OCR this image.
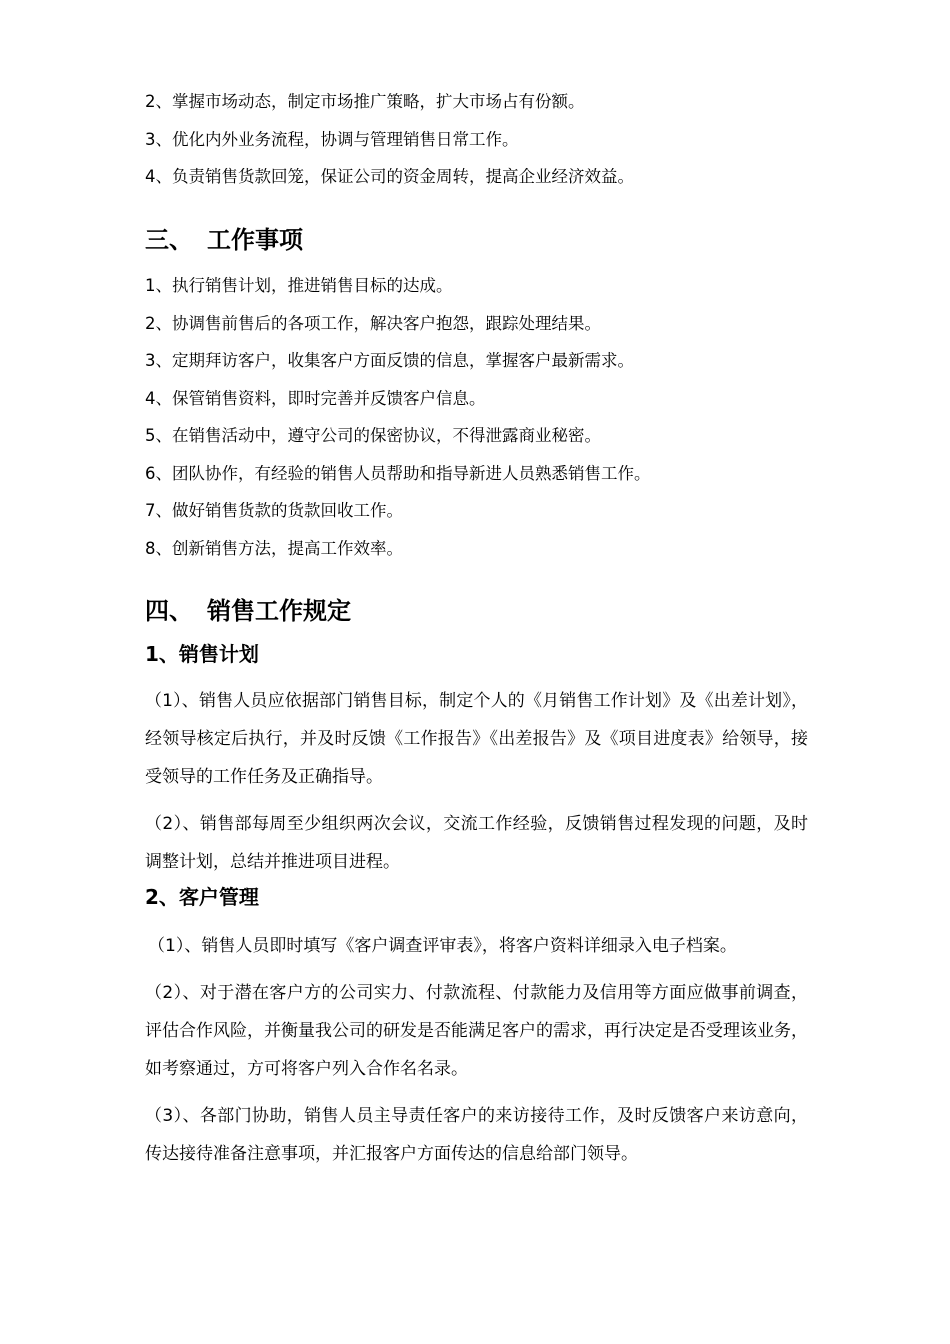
2、掌握市场动态，制定市场推广策略，扩大市场占有份额。
3、优化内外业务流程，协调与管理销售日常工作。
4、负责销售货款回笼，保证公司的资金周转，提高企业经济效益。
三、 工作事项
1、执行销售计划，推进销售目标的达成。
2、协调售前售后的各项工作，解决客户抱怨，跟踪处理结果。
3、定期拜访客户，收集客户方面反馈的信息，掌握客户最新需求。
4、保管销售资料，即时完善并反馈客户信息。
5、在销售活动中，遵守公司的保密协议，不得泄露商业秘密。
6、团队协作，有经验的销售人员帮助和指导新进人员熟悉销售工作。
7、做好销售货款的货款回收工作。
8、创新销售方法，提高工作效率。
四、 销售工作规定
1、销售计划
（1）、销售人员应依据部门销售目标，制定个人的《月销售工作计划》及《出差计划》，经领导核定后执行，并及时反馈《工作报告》《出差报告》及《项目进度表》给领导，接受领导的工作任务及正确指导。
（2）、销售部每周至少组织两次会议，交流工作经验，反馈销售过程发现的问题，及时调整计划，总结并推进项目进程。
2、客户管理
（1）、销售人员即时填写《客户调查评审表》，将客户资料详细录入电子档案。
（2）、对于潜在客户方的公司实力、付款流程、付款能力及信用等方面应做事前调查，评估合作风险，并衡量我公司的研发是否能满足客户的需求，再行决定是否受理该业务，如考察通过，方可将客户列入合作名名录。
（3）、各部门协助，销售人员主导责任客户的来访接待工作，及时反馈客户来访意向，传达接待准备注意事项，并汇报客户方面传达的信息给部门领导。
